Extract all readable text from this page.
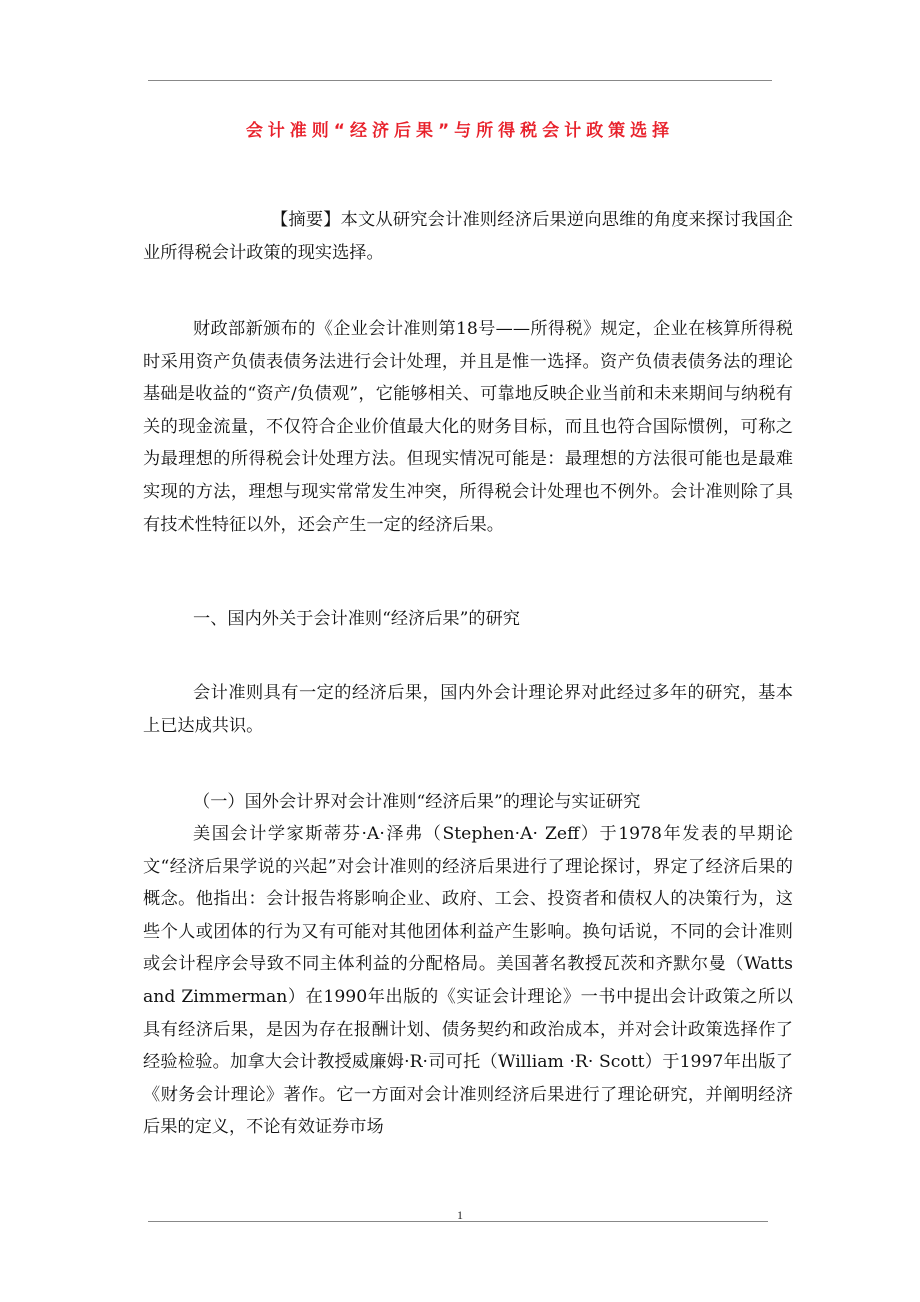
会计准则“经济后果”与所得税会计政策选择

【摘要】本文从研究会计准则经济后果逆向思维的角度来探讨我国企业所得税会计政策的现实选择。

财政部新颁布的《企业会计准则第18号——所得税》规定，企业在核算所得税时采用资产负债表债务法进行会计处理，并且是惟一选择。资产负债表债务法的理论基础是收益的“资产/负债观”，它能够相关、可靠地反映企业当前和未来期间与纳税有关的现金流量，不仅符合企业价值最大化的财务目标，而且也符合国际惯例，可称之为最理想的所得税会计处理方法。但现实情况可能是：最理想的方法很可能也是最难实现的方法，理想与现实常常发生冲突，所得税会计处理也不例外。会计准则除了具有技术性特征以外，还会产生一定的经济后果。

一、国内外关于会计准则“经济后果”的研究

会计准则具有一定的经济后果，国内外会计理论界对此经过多年的研究，基本上已达成共识。

（一）国外会计界对会计准则“经济后果”的理论与实证研究

美国会计学家斯蒂芬·A·泽弗（Stephen·A· Zeff）于1978年发表的早期论文“经济后果学说的兴起”对会计准则的经济后果进行了理论探讨，界定了经济后果的概念。他指出：会计报告将影响企业、政府、工会、投资者和债权人的决策行为，这些个人或团体的行为又有可能对其他团体利益产生影响。换句话说，不同的会计准则或会计程序会导致不同主体利益的分配格局。美国著名教授瓦茨和齐默尔曼（Watts and Zimmerman）在1990年出版的《实证会计理论》一书中提出会计政策之所以具有经济后果，是因为存在报酬计划、债务契约和政治成本，并对会计政策选择作了经验检验。加拿大会计教授威廉姆·R·司可托（William ·R· Scott）于1997年出版了《财务会计理论》著作。它一方面对会计准则经济后果进行了理论研究，并阐明经济后果的定义，不论有效证券市场

1
